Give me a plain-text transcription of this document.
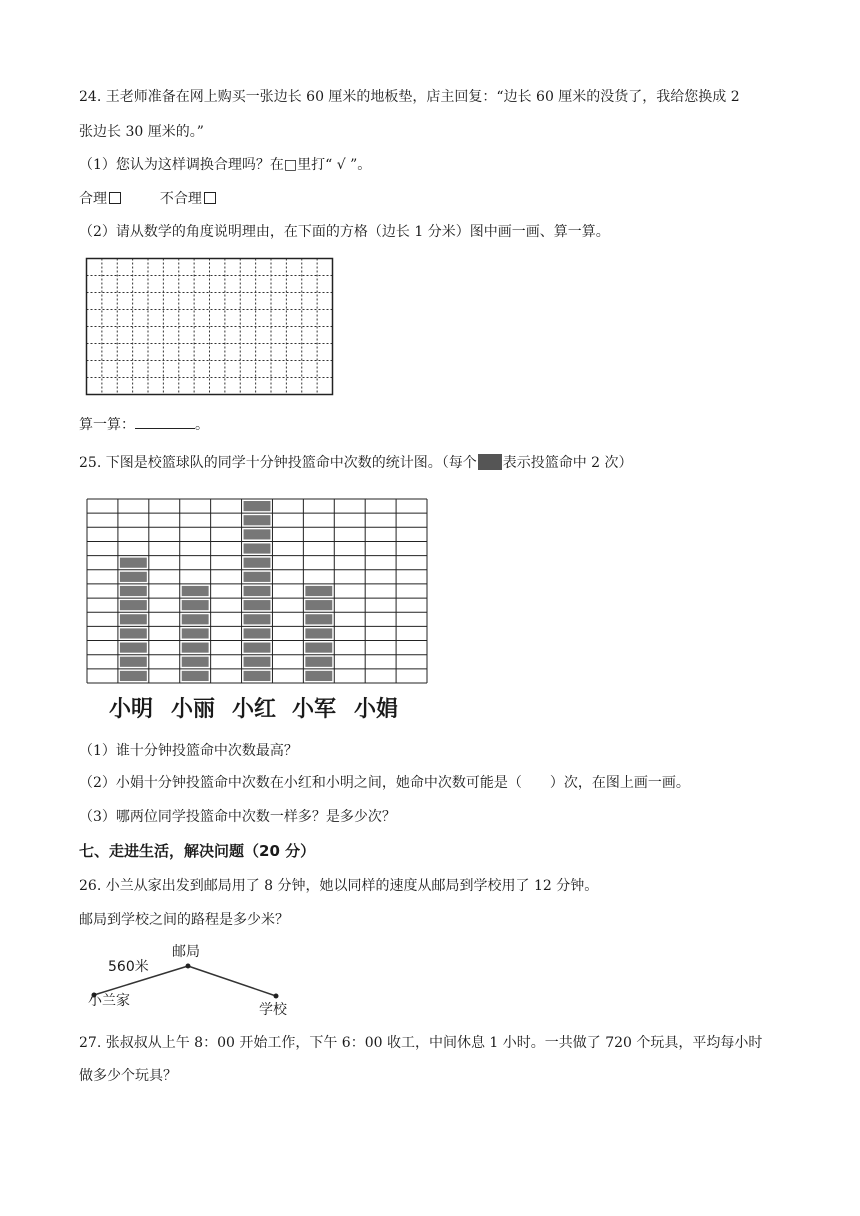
24. 王老师准备在网上购买一张边长 60 厘米的地板垫，店主回复：“边长 60 厘米的没货了，我给您换成 2
张边长 30 厘米的。”
（1）您认为这样调换合理吗？在□里打“ √ ”。
合理	不合理
（2）请从数学的角度说明理由，在下面的方格（边长 1 分米）图中画一画、算一算。
算一算：	。
25. 下图是校篮球队的同学十分钟投篮命中次数的统计图。（每个 表示投篮命中 2 次）
小明 小丽 小红 小军 小娟
（1）谁十分钟投篮命中次数最高？
（2）小娟十分钟投篮命中次数在小红和小明之间，她命中次数可能是（ ）次，在图上画一画。
（3）哪两位同学投篮命中次数一样多？是多少次？
七、走进生活，解决问题（20 分）
26. 小兰从家出发到邮局用了 8 分钟，她以同样的速度从邮局到学校用了 12 分钟。
邮局到学校之间的路程是多少米？
560米
邮局
小兰家
学校
27. 张叔叔从上午 8：00 开始工作，下午 6：00 收工，中间休息 1 小时。一共做了 720 个玩具，平均每小时
做多少个玩具？
